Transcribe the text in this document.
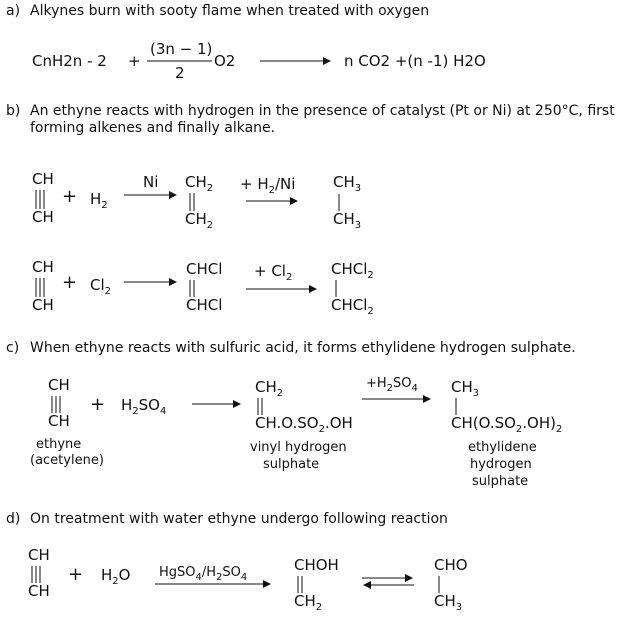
a) Alkynes burn with sooty flame when treated with oxygen
CnH2n - 2 +
(3n − 1)
2
O2	n CO2 +(n -1) H2O
b) An ethyne reacts with hydrogen in the presence of catalyst (Pt or Ni) at 250°C, first
forming alkenes and finally alkane.
CH
CH
+ $H_2$
Ni $CH_2$
$CH_2$
+ $H_2/Ni$	$CH_3$
$CH_3$
CH
CH
+ $Cl_2$
CHCl
CHCl
+ $Cl_2$	CHCl$_2$
CHCl$_2$
c) When ethyne reacts with sulfuric acid, it forms ethylidene hydrogen sulphate.
CH
CH
ethyne
(acetylene)
+ $H_2SO_4$
$CH_2$
$CH.O.SO_2.OH$
vinyl hydrogen
sulphate
$+H_2SO_4$ $CH_3$
$CH(O.SO_2.OH)_2$
ethylidene
hydrogen
sulphate
d) On treatment with water ethyne undergo following reaction
CH
CH
+ $H_2O$ $HgSO_4/H_2SO_4$
CHOH
$CH_2$
CHO
$CH_3$
